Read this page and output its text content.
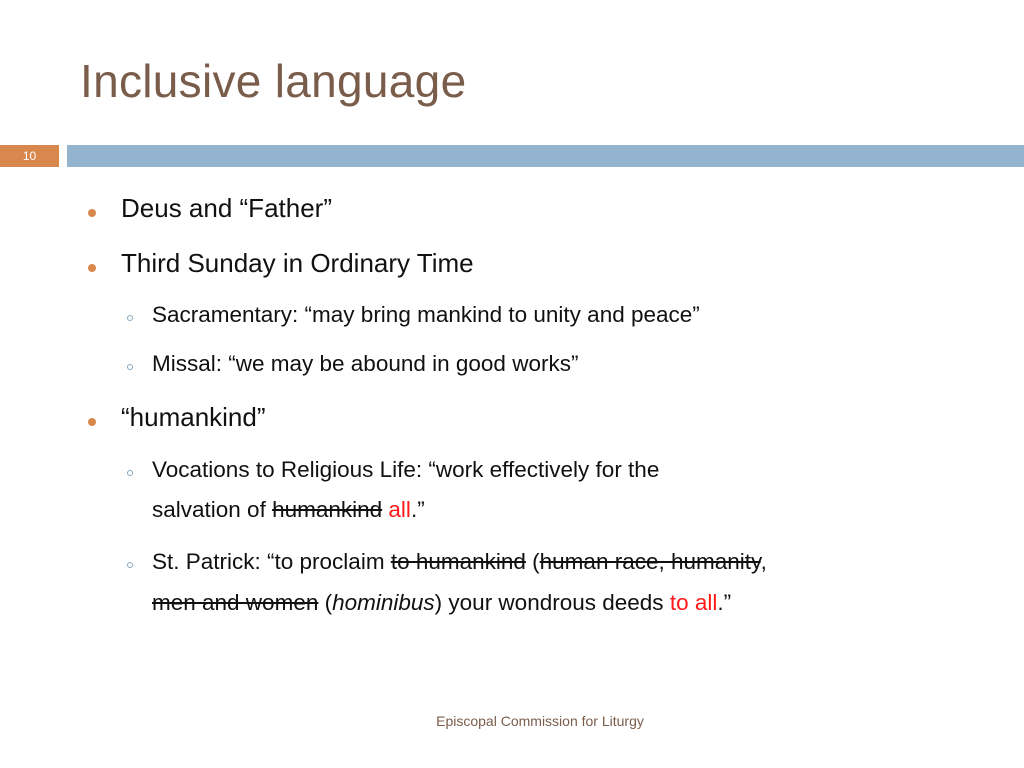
Inclusive language
10
Deus and “Father”
Third Sunday in Ordinary Time
Sacramentary: “may bring mankind to unity and peace”
Missal: “we may be abound in good works”
“humankind”
Vocations to Religious Life: “work effectively for the
salvation of humankind all.”
St. Patrick: “to proclaim to humankind (human race, humanity,
men and women (hominibus) your wondrous deeds to all.”
Episcopal Commission for Liturgy
